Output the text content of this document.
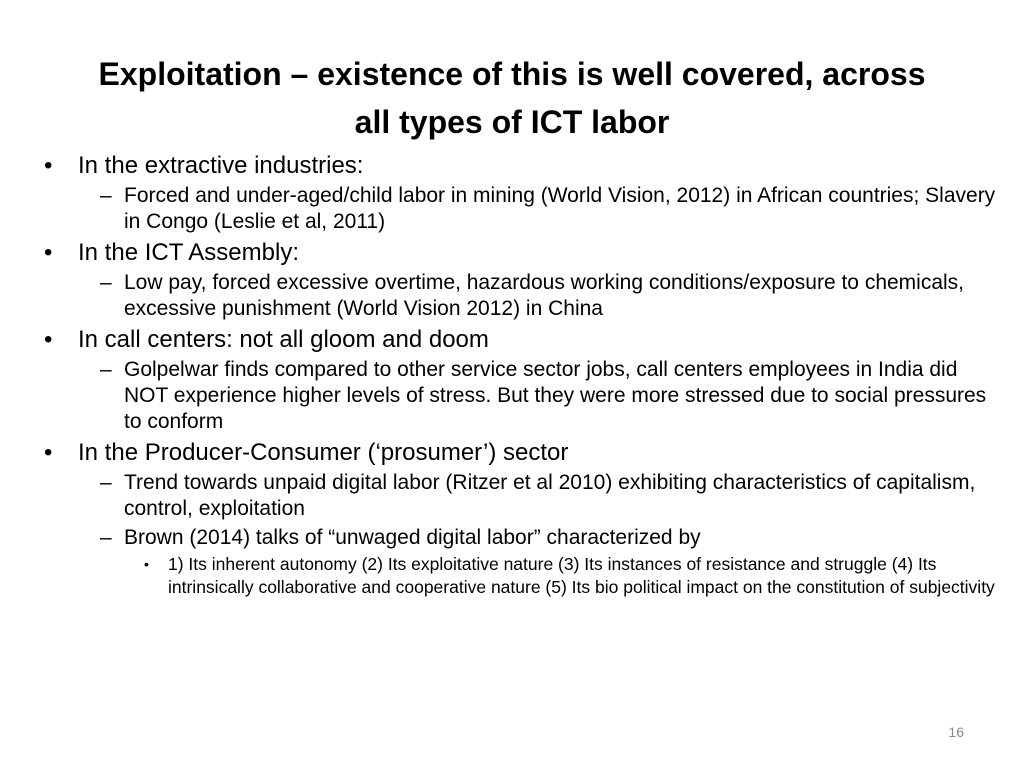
Exploitation – existence of this is well covered, across
all types of ICT labor
•	In the extractive industries:
– Forced and under-aged/child labor in mining (World Vision, 2012) in African countries; Slavery in Congo (Leslie et al, 2011)
•	In the ICT Assembly:
– Low pay, forced excessive overtime, hazardous working conditions/exposure to chemicals, excessive punishment (World Vision 2012) in China
•	In call centers: not all gloom and doom
– Golpelwar finds compared to other service sector jobs, call centers employees in India did NOT experience higher levels of stress. But they were more stressed due to social pressures to conform
•	In the Producer-Consumer (‘prosumer’) sector
– Trend towards unpaid digital labor (Ritzer et al 2010) exhibiting characteristics of capitalism, control, exploitation
– Brown (2014) talks of “unwaged digital labor” characterized by
• 1) Its inherent autonomy (2) Its exploitative nature (3) Its instances of resistance and struggle (4) Its intrinsically collaborative and cooperative nature (5) Its bio political impact on the constitution of subjectivity
16
